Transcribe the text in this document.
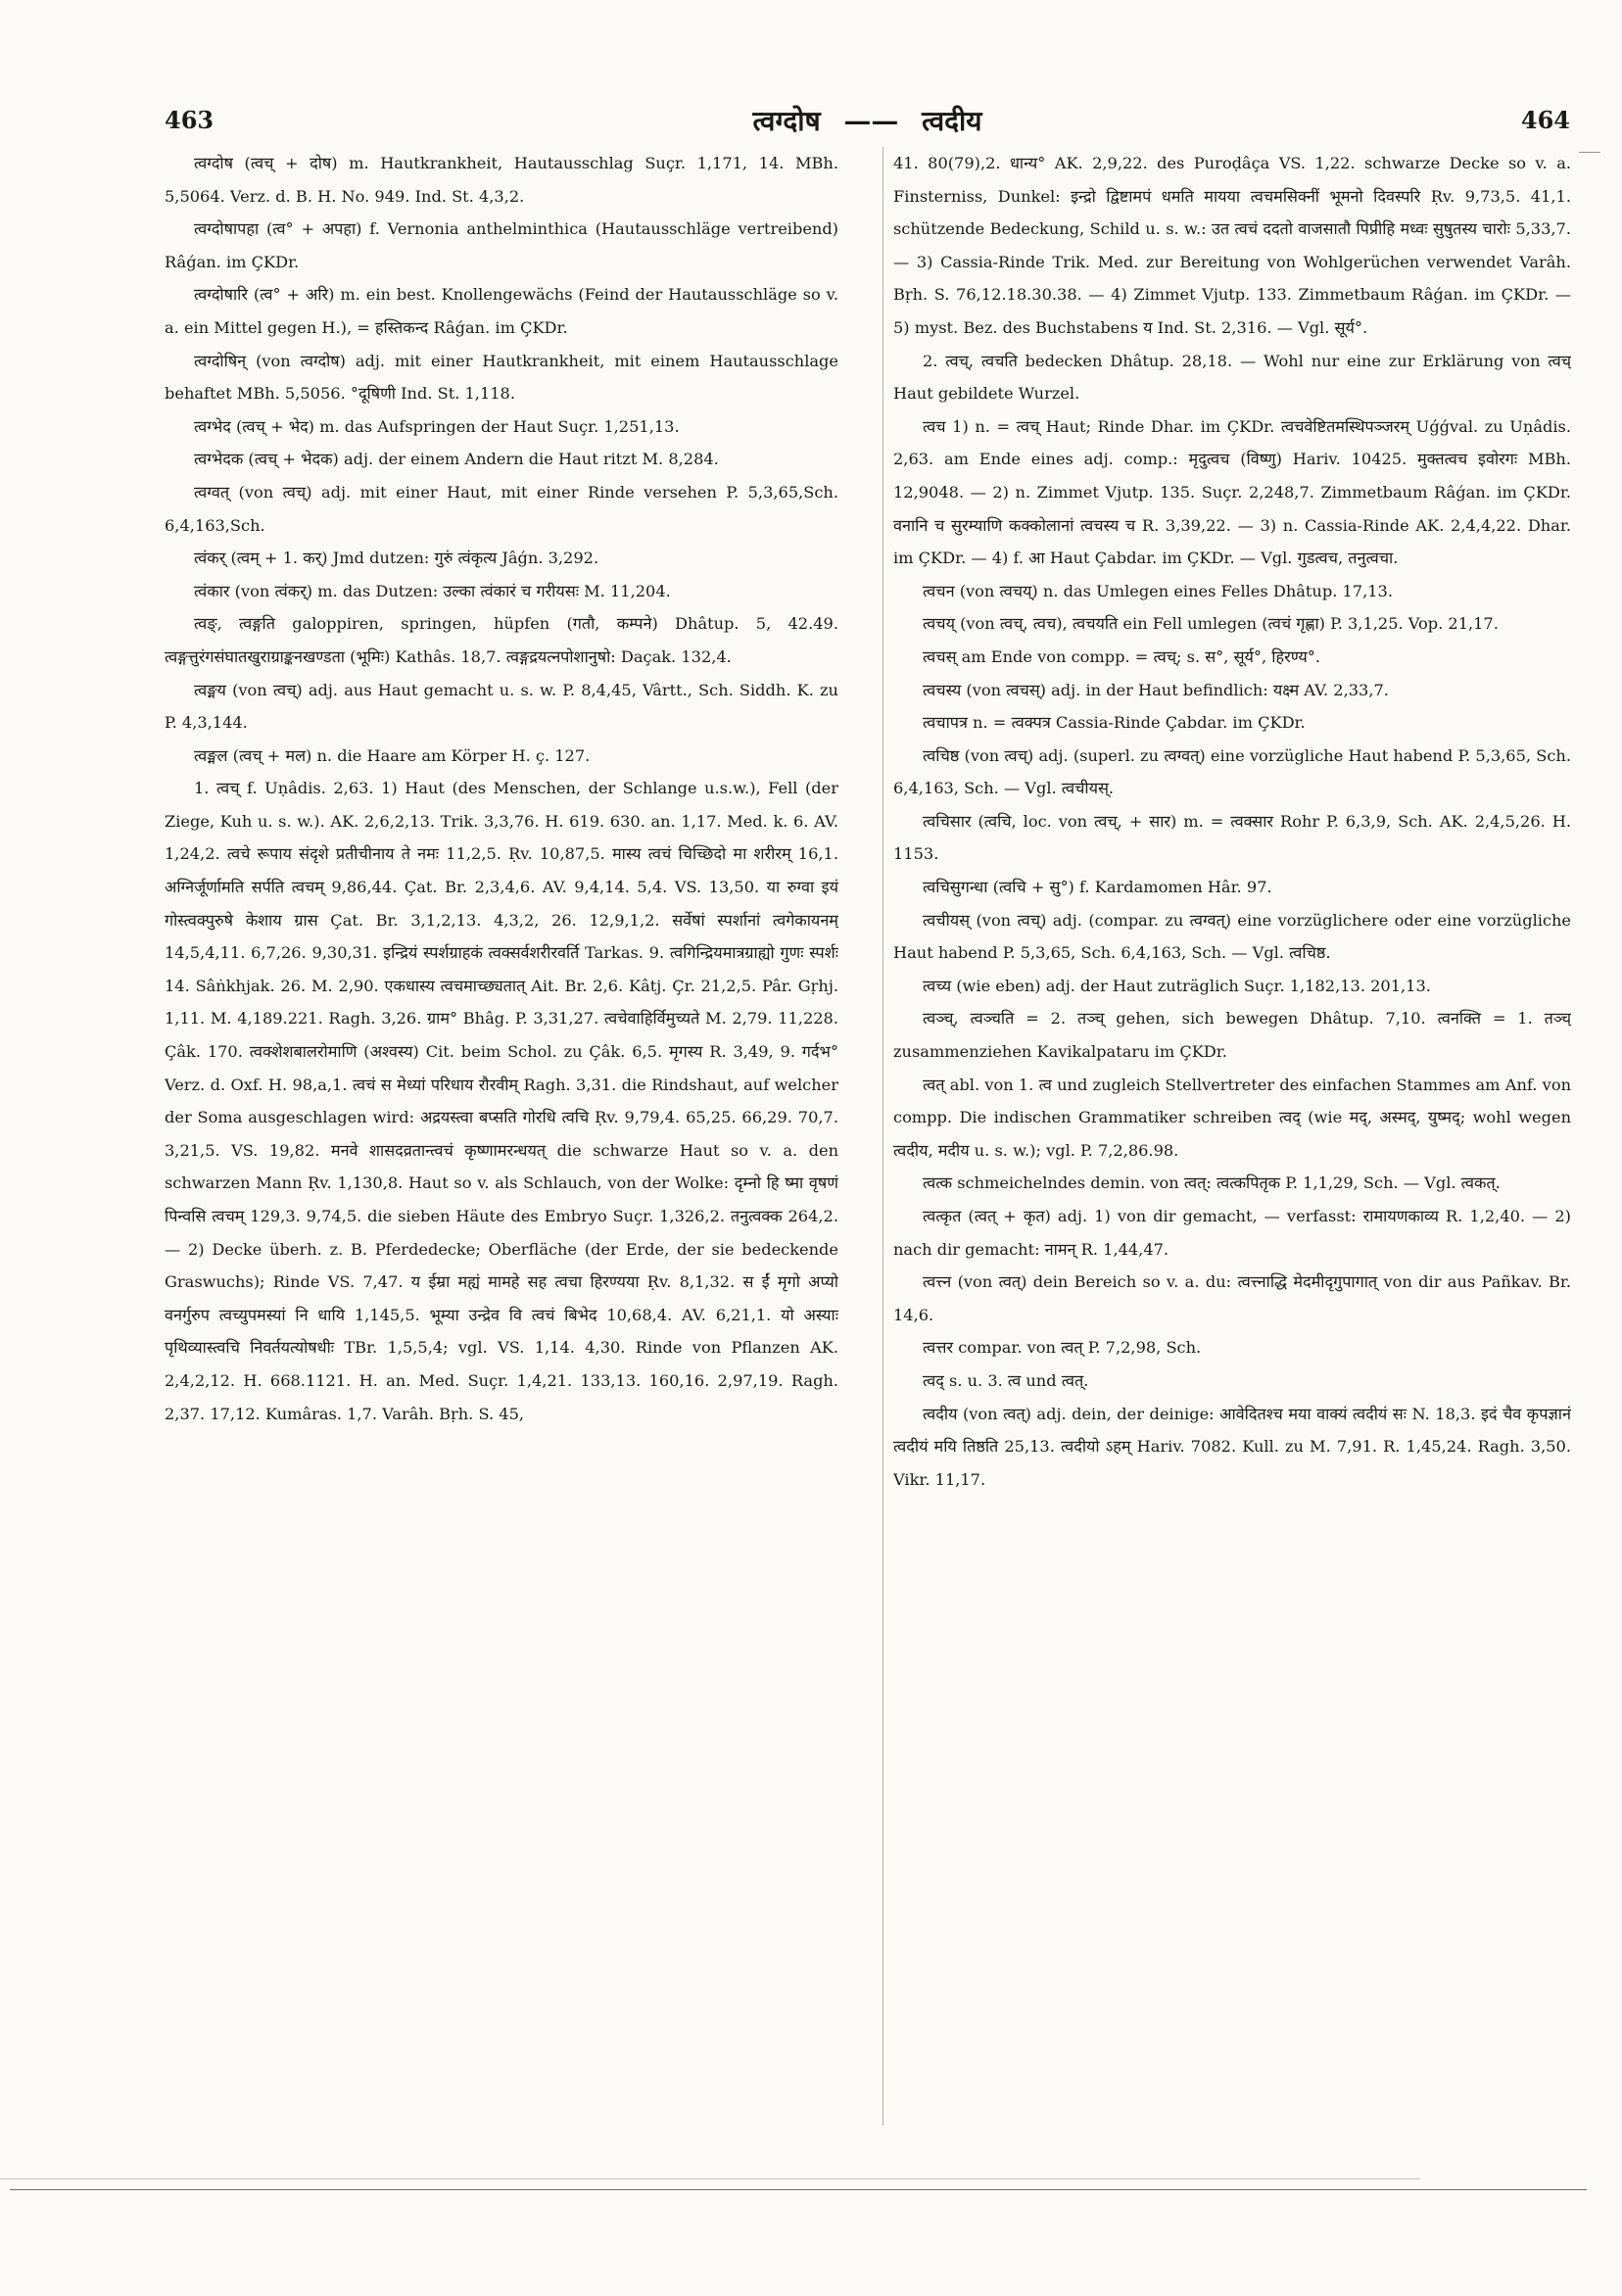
463	त्वग्दोष —— त्वदीय	464

त्वग्दोष (त्वच् + दोष) m. Hautkrankheit, Hautausschlag Suçr. 1,171, 14. MBh. 5,5064. Verz. d. B. H. No. 949. Ind. St. 4,3,2.

त्वग्दोषापहा (त्व° + अपहा) f. Vernonia anthelminthica (Hautausschläge vertreibend) Râǵan. im ÇKDr.

त्वग्दोषारि (त्व° + अरि) m. ein best. Knollengewächs (Feind der Hautausschläge so v. a. ein Mittel gegen H.), = हस्तिकन्द Râǵan. im ÇKDr.

त्वग्दोषिन् (von त्वग्दोष) adj. mit einer Hautkrankheit, mit einem Hautausschlage behaftet MBh. 5,5056. °दूषिणी Ind. St. 1,118.

त्वग्भेद (त्वच् + भेद) m. das Aufspringen der Haut Suçr. 1,251,13.

त्वग्भेदक (त्वच् + भेदक) adj. der einem Andern die Haut ritzt M. 8,284.

त्वग्वत् (von त्वच्) adj. mit einer Haut, mit einer Rinde versehen P. 5,3,65,Sch. 6,4,163,Sch.

त्वंकर् (त्वम् + 1. कर्) Jmd dutzen: गुरुं त्वंकृत्य Jâǵn. 3,292.

त्वंकार (von त्वंकर्) m. das Dutzen: उल्का त्वंकारं च गरीयसः M. 11,204.

त्वङ्, त्वङ्गति galoppiren, springen, hüpfen (गतौ, कम्पने) Dhâtup. 5, 42.49. त्वङ्गत्तुरंगसंघातखुराग्राङ्कनखण्डता (भूमिः) Kathâs. 18,7. त्वङ्गद्रयत्नपोशानुषो: Daçak. 132,4.

त्वङ्मय (von त्वच्) adj. aus Haut gemacht u. s. w. P. 8,4,45, Vârtt., Sch. Siddh. K. zu P. 4,3,144.

त्वङ्मल (त्वच् + मल) n. die Haare am Körper H. ç. 127.

1. त्वच् f. Uṇâdis. 2,63. 1) Haut (des Menschen, der Schlange u.s.w.), Fell (der Ziege, Kuh u. s. w.). AK. 2,6,2,13. Trik. 3,3,76. H. 619. 630. an. 1,17. Med. k. 6. AV. 1,24,2. त्वचे रूपाय संदृशे प्रतीचीनाय ते नमः 11,2,5. Ṛv. 10,87,5. मास्य त्वचं चिच्छिदो मा शरीरम् 16,1. अग्निर्जूर्णामति सर्पति त्वचम् 9,86,44. Çat. Br. 2,3,4,6. AV. 9,4,14. 5,4. VS. 13,50. या रुग्वा इयं गोस्त्वक्पुरुषे केशाय ग्रास Çat. Br. 3,1,2,13. 4,3,2, 26. 12,9,1,2. सर्वेषां स्पर्शानां त्वगेकायनम् 14,5,4,11. 6,7,26. 9,30,31. इन्द्रियं स्पर्शग्राहकं त्वक्सर्वशरीरवर्ति Tarkas. 9. त्वगिन्द्रियमात्रग्राह्यो गुणः स्पर्शः 14. Sâṅkhjak. 26. M. 2,90. एकधास्य त्वचमाच्छ्यतात् Ait. Br. 2,6. Kâtj. Çr. 21,2,5. Pâr. Gṛhj. 1,11. M. 4,189.221. Ragh. 3,26. ग्राम° Bhâg. P. 3,31,27. त्वचेवाहिर्विमुच्यते M. 2,79. 11,228. Çâk. 170. त्वक्शेशबालरोमाणि (अश्वस्य) Cit. beim Schol. zu Çâk. 6,5. मृगस्य R. 3,49, 9. गर्दभ° Verz. d. Oxf. H. 98,a,1. त्वचं स मेध्यां परिधाय रौरवीम् Ragh. 3,31. die Rindshaut, auf welcher der Soma ausgeschlagen wird: अद्रयस्त्वा बप्सति गोरधि त्वचि Ṛv. 9,79,4. 65,25. 66,29. 70,7. 3,21,5. VS. 19,82. मनवे शासदव्रतान्त्वचं कृष्णामरन्धयत् die schwarze Haut so v. a. den schwarzen Mann Ṛv. 1,130,8. Haut so v. als Schlauch, von der Wolke: दृम्नो हि ष्मा वृषणं पिन्वसि त्वचम् 129,3. 9,74,5. die sieben Häute des Embryo Suçr. 1,326,2. तनुत्वक्क 264,2. — 2) Decke überh. z. B. Pferdedecke; Oberfläche (der Erde, der sie bedeckende Graswuchs); Rinde VS. 7,47. य ईम्रा मह्यं मामहे सह त्वचा हिरण्यया Ṛv. 8,1,32. स ईं मृगो अप्यो वनर्गुरुप त्वच्युपमस्यां नि धायि 1,145,5. भूम्या उन्द्रेव वि त्वचं बिभेद 10,68,4. AV. 6,21,1. यो अस्याः पृथिव्यास्त्वचि निवर्तयत्योषधीः TBr. 1,5,5,4; vgl. VS. 1,14. 4,30. Rinde von Pflanzen AK. 2,4,2,12. H. 668.1121. H. an. Med. Suçr. 1,4,21. 133,13. 160,16. 2,97,19. Ragh. 2,37. 17,12. Kumâras. 1,7. Varâh. Bṛh. S. 45,

41. 80(79),2. धान्य° AK. 2,9,22. des Puroḍâça VS. 1,22. schwarze Decke so v. a. Finsterniss, Dunkel: इन्द्रो द्विष्टामपं धमति मायया त्वचमसिक्नीं भूमनो दिवस्परि Ṛv. 9,73,5. 41,1. schützende Bedeckung, Schild u. s. w.: उत त्वचं ददतो वाजसातौ पिप्रीहि मध्वः सुषुतस्य चारोः 5,33,7. — 3) Cassia-Rinde Trik. Med. zur Bereitung von Wohlgerüchen verwendet Varâh. Bṛh. S. 76,12.18.30.38. — 4) Zimmet Vjutp. 133. Zimmetbaum Râǵan. im ÇKDr. — 5) myst. Bez. des Buchstabens य Ind. St. 2,316. — Vgl. सूर्य°.

2. त्वच्, त्वचति bedecken Dhâtup. 28,18. — Wohl nur eine zur Erklärung von त्वच् Haut gebildete Wurzel.

त्वच 1) n. = त्वच् Haut; Rinde Dhar. im ÇKDr. त्वचवेष्टितमस्थिपञ्जरम् Uǵǵval. zu Uṇâdis. 2,63. am Ende eines adj. comp.: मृदुत्वच (विष्णु) Hariv. 10425. मुक्तत्वच इवोरगः MBh. 12,9048. — 2) n. Zimmet Vjutp. 135. Suçr. 2,248,7. Zimmetbaum Râǵan. im ÇKDr. वनानि च सुरम्याणि कक्कोलानां त्वचस्य च R. 3,39,22. — 3) n. Cassia-Rinde AK. 2,4,4,22. Dhar. im ÇKDr. — 4) f. आ Haut Çabdar. im ÇKDr. — Vgl. गुडत्वच, तनुत्वचा.

त्वचन (von त्वचय्) n. das Umlegen eines Felles Dhâtup. 17,13.

त्वचय् (von त्वच्, त्वच), त्वचयति ein Fell umlegen (त्वचं गृह्णा) P. 3,1,25. Vop. 21,17.

त्वचस् am Ende von compp. = त्वच्; s. स°, सूर्य°, हिरण्य°.

त्वचस्य (von त्वचस्) adj. in der Haut befindlich: यक्ष्म AV. 2,33,7.

त्वचापत्र n. = त्वक्पत्र Cassia-Rinde Çabdar. im ÇKDr.

त्वचिष्ठ (von त्वच्) adj. (superl. zu त्वग्वत्) eine vorzügliche Haut habend P. 5,3,65, Sch. 6,4,163, Sch. — Vgl. त्वचीयस्.

त्वचिसार (त्वचि, loc. von त्वच्, + सार) m. = त्वक्सार Rohr P. 6,3,9, Sch. AK. 2,4,5,26. H. 1153.

त्वचिसुगन्धा (त्वचि + सु°) f. Kardamomen Hâr. 97.

त्वचीयस् (von त्वच्) adj. (compar. zu त्वग्वत्) eine vorzüglichere oder eine vorzügliche Haut habend P. 5,3,65, Sch. 6,4,163, Sch. — Vgl. त्वचिष्ठ.

त्वच्य (wie eben) adj. der Haut zuträglich Suçr. 1,182,13. 201,13.

त्वञ्च्, त्वञ्चति = 2. तञ्च् gehen, sich bewegen Dhâtup. 7,10. त्वनक्ति = 1. तञ्च् zusammenziehen Kavikalpataru im ÇKDr.

त्वत् abl. von 1. त्व und zugleich Stellvertreter des einfachen Stammes am Anf. von compp. Die indischen Grammatiker schreiben त्वद् (wie मद्, अस्मद्, युष्मद्; wohl wegen त्वदीय, मदीय u. s. w.); vgl. P. 7,2,86.98.

त्वत्क schmeichelndes demin. von त्वत्: त्वत्कपितृक P. 1,1,29, Sch. — Vgl. त्वकत्.

त्वत्कृत (त्वत् + कृत) adj. 1) von dir gemacht, — verfasst: रामायणकाव्य R. 1,2,40. — 2) nach dir gemacht: नामन् R. 1,44,47.

त्वत्त्न (von त्वत्) dein Bereich so v. a. du: त्वत्त्नाद्धि मेदमीदृगुपागात् von dir aus Pañkav. Br. 14,6.

त्वत्तर compar. von त्वत् P. 7,2,98, Sch.

त्वद् s. u. 3. त्व und त्वत्.

त्वदीय (von त्वत्) adj. dein, der deinige: आवेदितश्च मया वाक्यं त्वदीयं सः N. 18,3. इदं चैव कृपज्ञानं त्वदीयं मयि तिष्ठति 25,13. त्वदीयो ऽहम् Hariv. 7082. Kull. zu M. 7,91. R. 1,45,24. Ragh. 3,50. Vikr. 11,17.
